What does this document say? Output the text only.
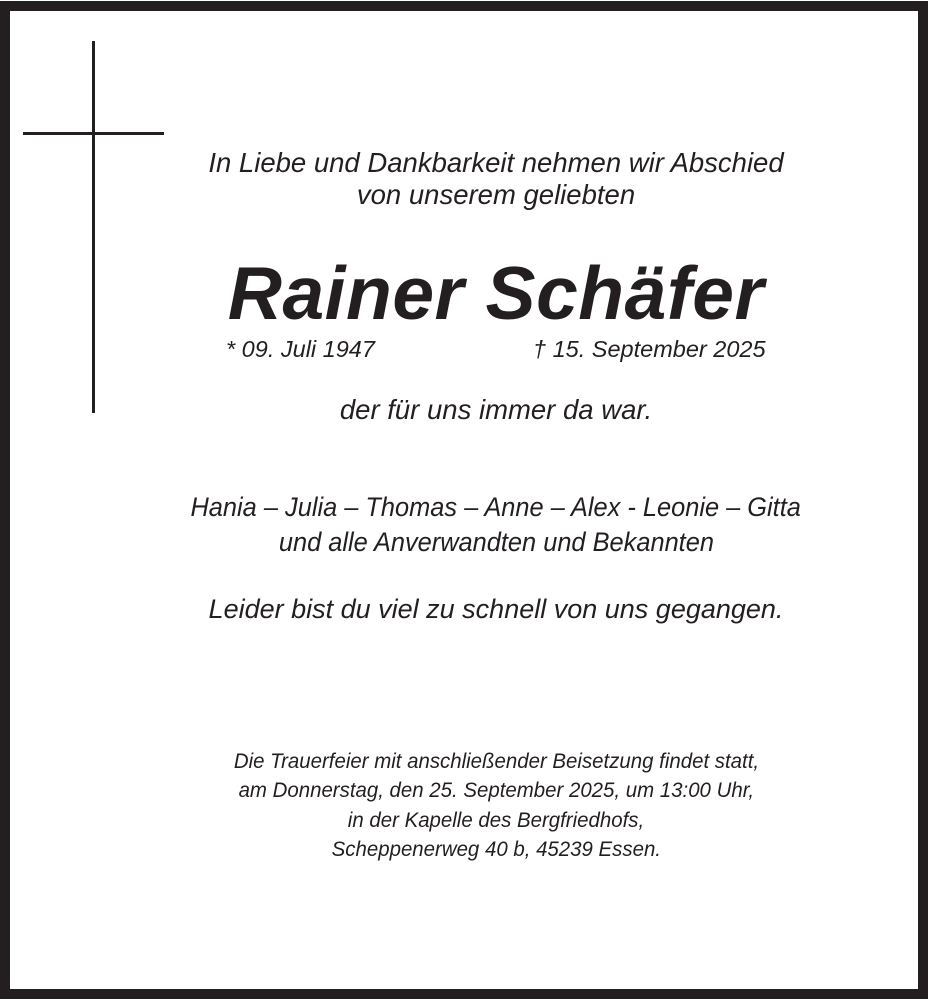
In Liebe und Dankbarkeit nehmen wir Abschied
von unserem geliebten
Rainer Schäfer
* 09. Juli 1947	† 15. September 2025
der für uns immer da war.
Hania – Julia – Thomas – Anne – Alex - Leonie – Gitta
und alle Anverwandten und Bekannten
Leider bist du viel zu schnell von uns gegangen.
Die Trauerfeier mit anschließender Beisetzung findet statt,
am Donnerstag, den 25. September 2025, um 13:00 Uhr,
in der Kapelle des Bergfriedhofs,
Scheppenerweg 40 b, 45239 Essen.
